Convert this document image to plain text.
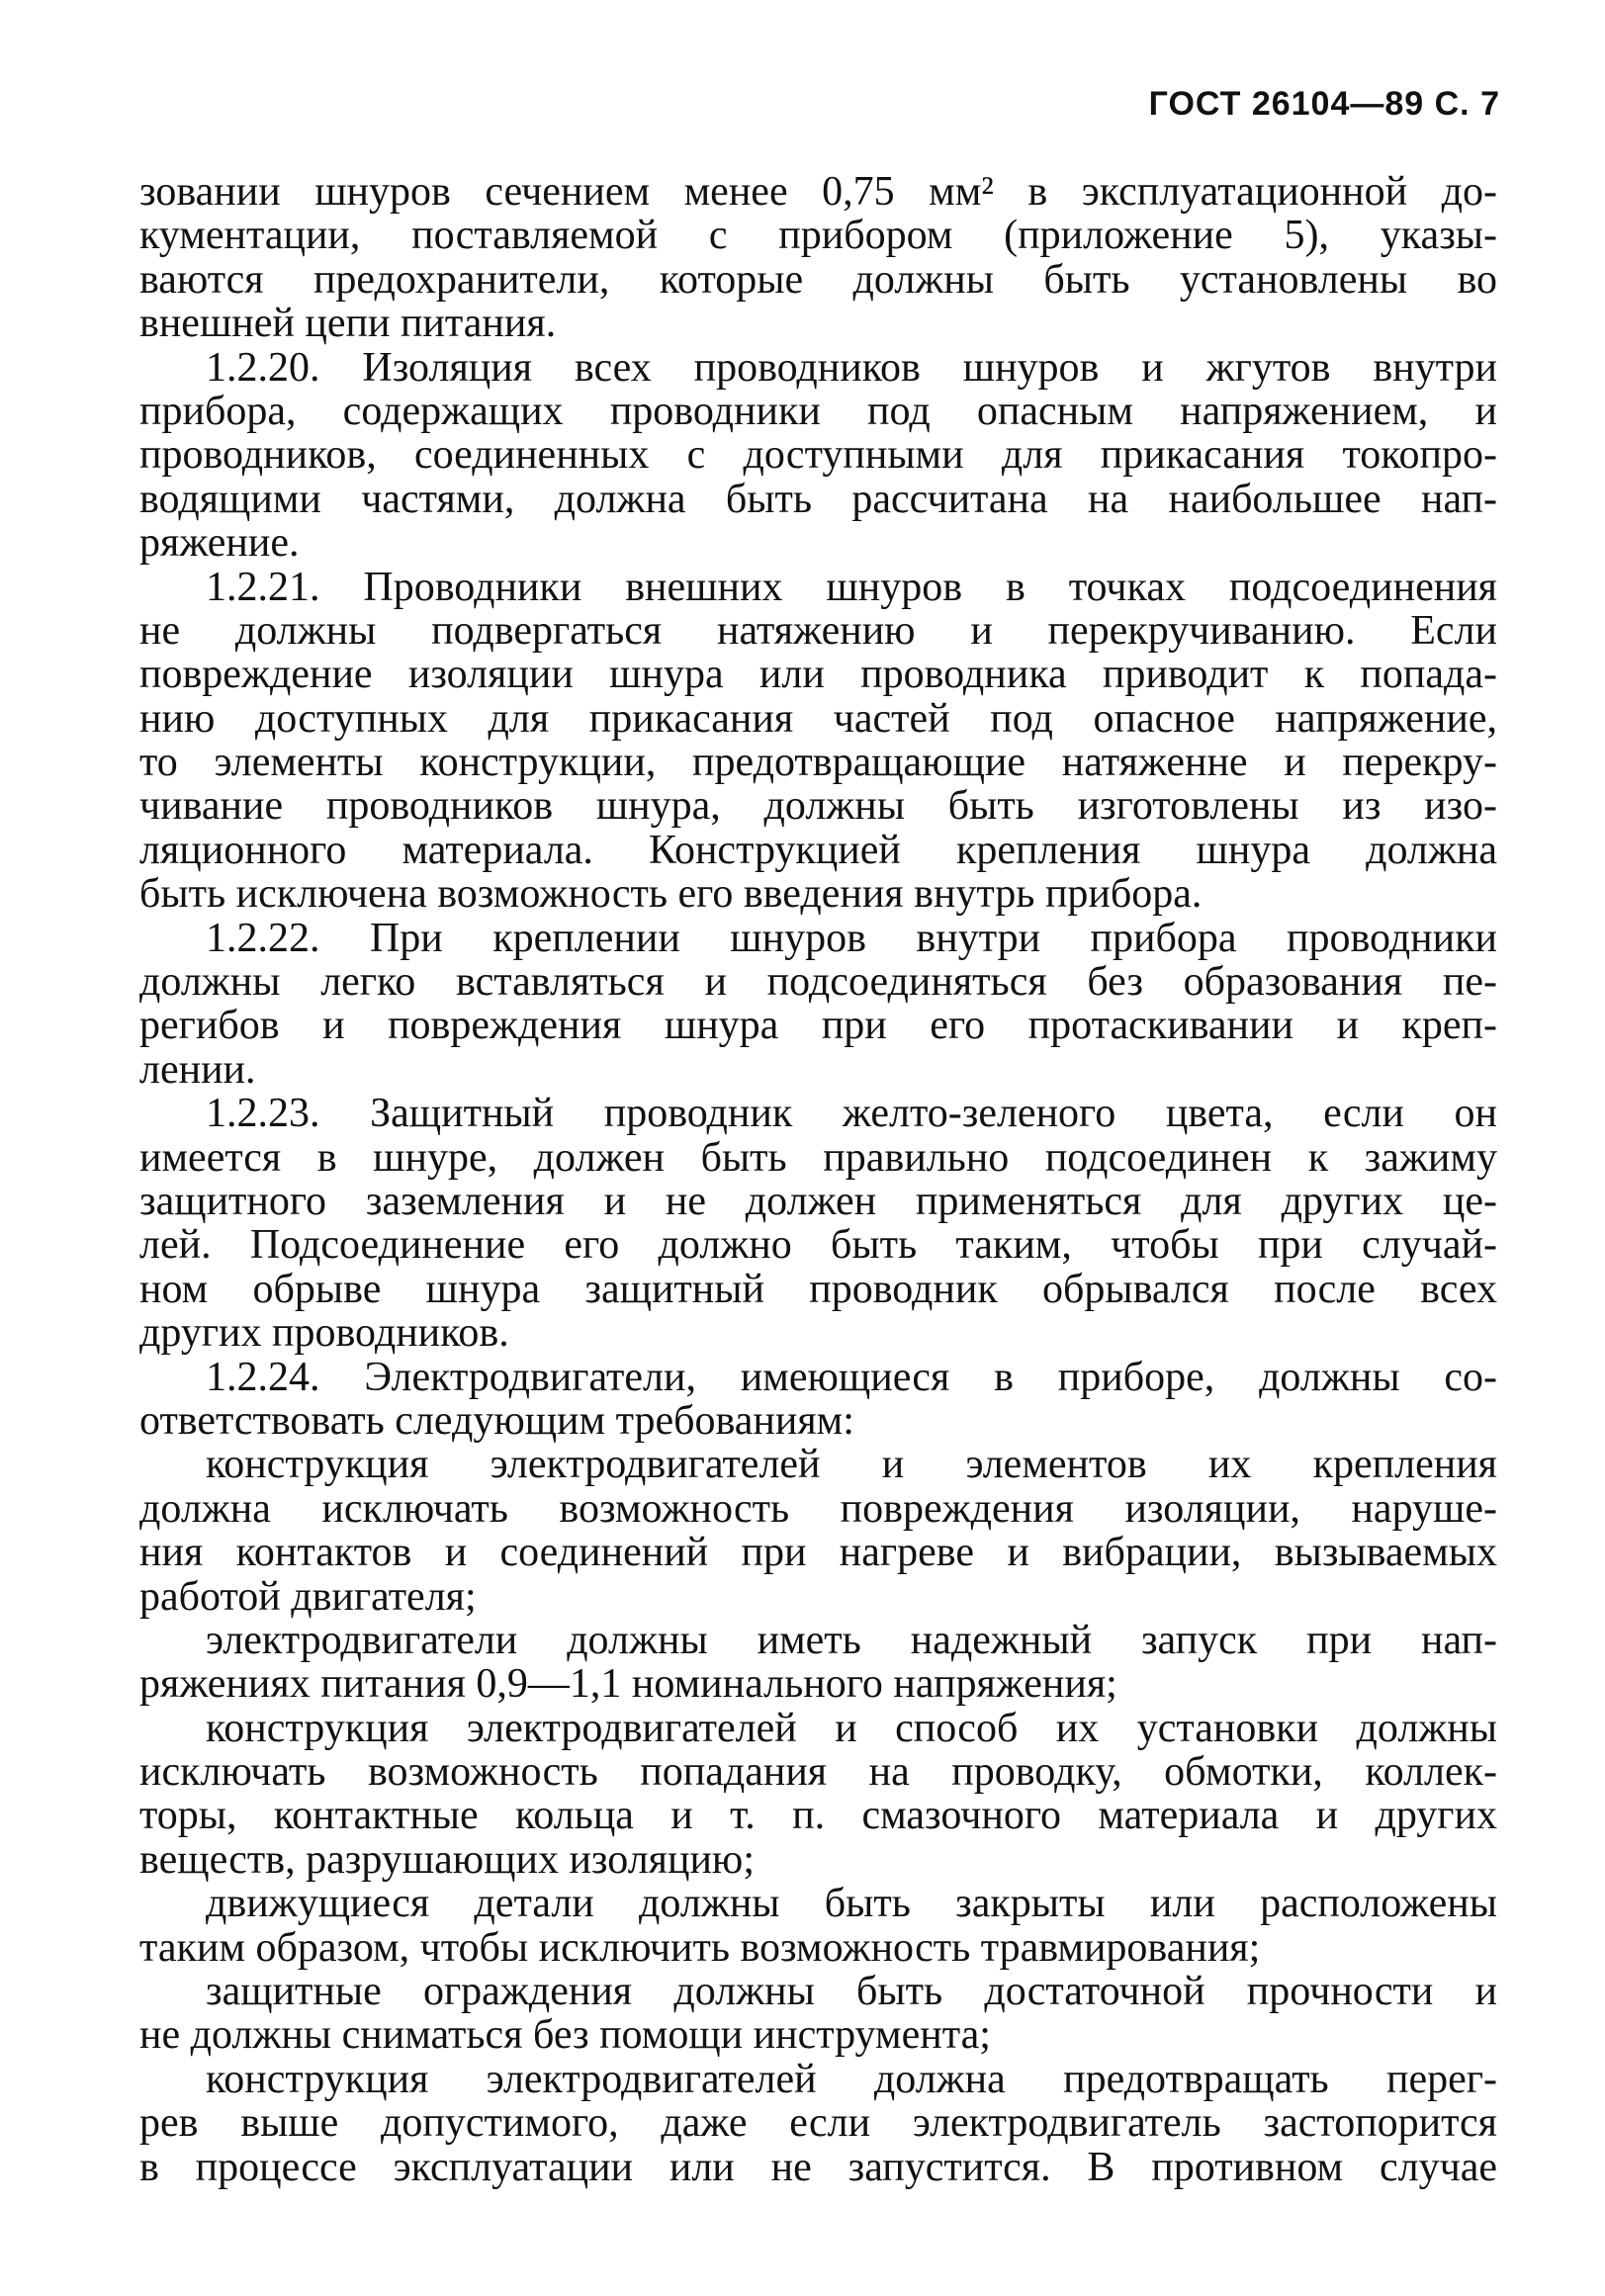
ГОСТ 26104—89 С. 7
зовании шнуров сечением менее 0,75 мм² в эксплуатационной до-
кументации, поставляемой с прибором (приложение 5), указы-
ваются предохранители, которые должны быть установлены во
внешней цепи питания.
1.2.20. Изоляция всех проводников шнуров и жгутов внутри
прибора, содержащих проводники под опасным напряжением, и
проводников, соединенных с доступными для прикасания токопро-
водящими частями, должна быть рассчитана на наибольшее нап-
ряжение.
1.2.21. Проводники внешних шнуров в точках подсоединения
не должны подвергаться натяжению и перекручиванию. Если
повреждение изоляции шнура или проводника приводит к попада-
нию доступных для прикасания частей под опасное напряжение,
то элементы конструкции, предотвращающие натяженне и перекру-
чивание проводников шнура, должны быть изготовлены из изо-
ляционного материала. Конструкцией крепления шнура должна
быть исключена возможность его введения внутрь прибора.
1.2.22. При креплении шнуров внутри прибора проводники
должны легко вставляться и подсоединяться без образования пе-
регибов и повреждения шнура при его протаскивании и креп-
лении.
1.2.23. Защитный проводник желто-зеленого цвета, если он
имеется в шнуре, должен быть правильно подсоединен к зажиму
защитного заземления и не должен применяться для других це-
лей. Подсоединение его должно быть таким, чтобы при случай-
ном обрыве шнура защитный проводник обрывался после всех
других проводников.
1.2.24. Электродвигатели, имеющиеся в приборе, должны со-
ответствовать следующим требованиям:
конструкция электродвигателей и элементов их крепления
должна исключать возможность повреждения изоляции, наруше-
ния контактов и соединений при нагреве и вибрации, вызываемых
работой двигателя;
электродвигатели должны иметь надежный запуск при нап-
ряжениях питания 0,9—1,1 номинального напряжения;
конструкция электродвигателей и способ их установки должны
исключать возможность попадания на проводку, обмотки, коллек-
торы, контактные кольца и т. п. смазочного материала и других
веществ, разрушающих изоляцию;
движущиеся детали должны быть закрыты или расположены
таким образом, чтобы исключить возможность травмирования;
защитные ограждения должны быть достаточной прочности и
не должны сниматься без помощи инструмента;
конструкция электродвигателей должна предотвращать перег-
рев выше допустимого, даже если электродвигатель застопорится
в процессе эксплуатации или не запустится. В противном случае
